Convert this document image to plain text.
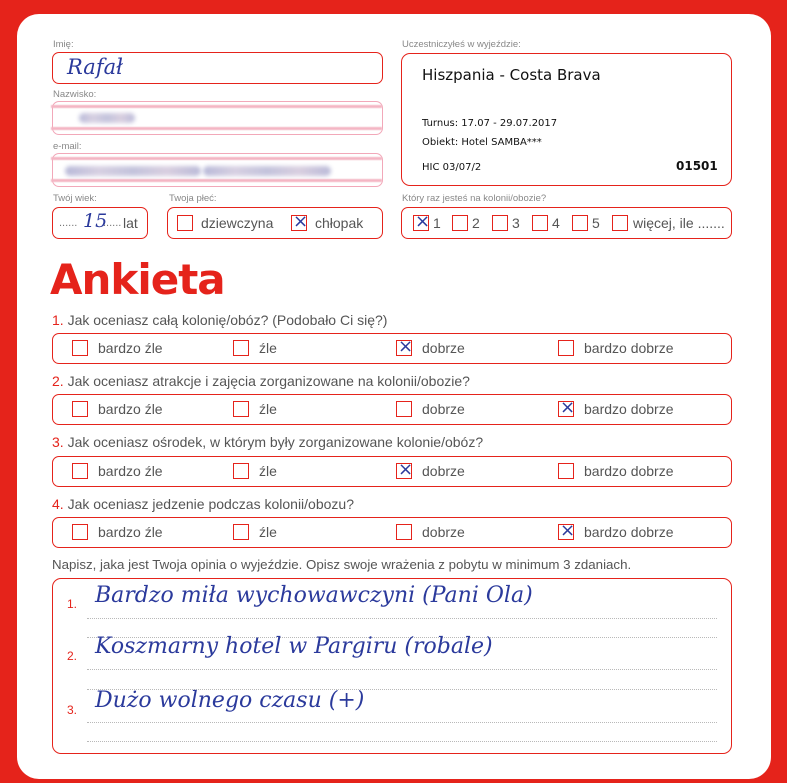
Imię:
Rafał
Nazwisko:
e-mail:
Twój wiek:
...... 15
...... lat
Twoja płeć:
dziewczyna × chłopak
Uczestniczyłeś w wyjeździe:
Hiszpania - Costa Brava
Turnus: 17.07 - 29.07.2017
Obiekt: Hotel SAMBA***
HIC 03/07/2	01501
Który raz jesteś na kolonii/obozie?
× 1 2 3 4 5 więcej, ile .......
Ankieta
1. Jak oceniasz całą kolonię/obóz? (Podobało Ci się?)
bardzo źle	źle	× dobrze	bardzo dobrze
2. Jak oceniasz atrakcje i zajęcia zorganizowane na kolonii/obozie?
bardzo źle	źle	dobrze	× bardzo dobrze
3. Jak oceniasz ośrodek, w którym były zorganizowane kolonie/obóz?
bardzo źle	źle	× dobrze	bardzo dobrze
4. Jak oceniasz jedzenie podczas kolonii/obozu?
bardzo źle	źle	dobrze	× bardzo dobrze
Napisz, jaka jest Twoja opinia o wyjeździe. Opisz swoje wrażenia z pobytu w minimum 3 zdaniach.
1. Bardzo miła wychowawczyni (Pani Ola)
2. Koszmarny hotel w Pargiru (robale)
3. Dużo wolnego czasu (+)
